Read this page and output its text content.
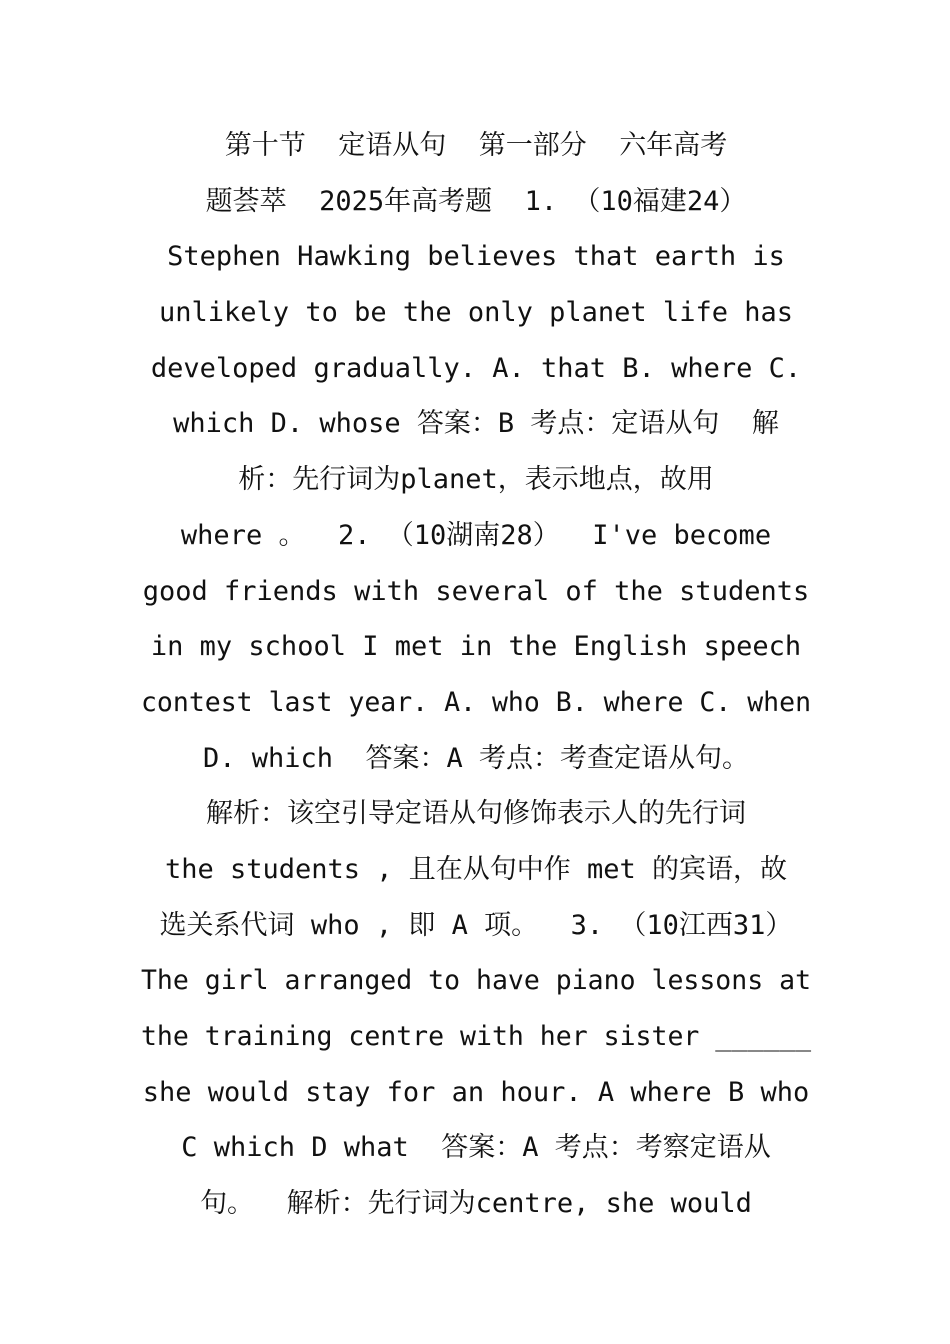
第十节  定语从句  第一部分  六年高考
题荟萃  2025年高考题  1. （10福建24）
Stephen Hawking believes that earth is
unlikely to be the only planet life has
developed gradually. A. that B. where C.
which D. whose 答案：B 考点：定语从句  解
析：先行词为planet，表示地点，故用
where 。  2. （10湖南28）  I've become
good friends with several of the students
in my school I met in the English speech
contest last year. A. who B. where C. when
D. which  答案：A 考点：考查定语从句。
解析：该空引导定语从句修饰表示人的先行词
the students , 且在从句中作 met 的宾语，故
选关系代词 who , 即 A 项。  3. （10江西31）
The girl arranged to have piano lessons at
the training centre with her sister ______
she would stay for an hour. A where B who
C which D what  答案：A 考点：考察定语从
句。  解析：先行词为centre, she would
